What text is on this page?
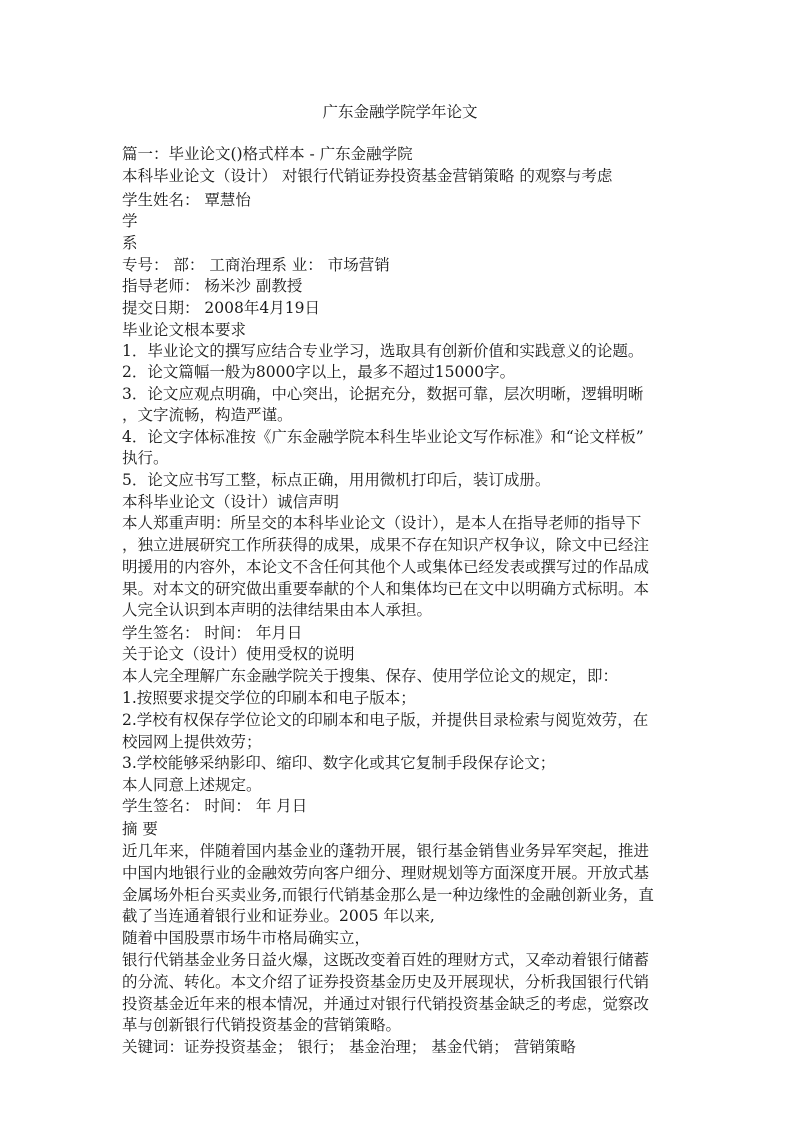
广东金融学院学年论文
篇一：毕业论文()格式样本 - 广东金融学院
本科毕业论文（设计） 对银行代销证券投资基金营销策略 的观察与考虑
学生姓名： 覃慧怡
学
系
专号： 部： 工商治理系 业： 市场营销
指导老师： 杨米沙 副教授
提交日期： 2008年4月19日
毕业论文根本要求
1．毕业论文的撰写应结合专业学习，选取具有创新价值和实践意义的论题。
2．论文篇幅一般为8000字以上，最多不超过15000字。
3．论文应观点明确，中心突出，论据充分，数据可靠，层次明晰，逻辑明晰
，文字流畅，构造严谨。
4．论文字体标准按《广东金融学院本科生毕业论文写作标准》和“论文样板”
执行。
5．论文应书写工整，标点正确，用用微机打印后，装订成册。
本科毕业论文（设计）诚信声明
本人郑重声明：所呈交的本科毕业论文（设计），是本人在指导老师的指导下
，独立进展研究工作所获得的成果，成果不存在知识产权争议，除文中已经注
明援用的内容外，本论文不含任何其他个人或集体已经发表或撰写过的作品成
果。对本文的研究做出重要奉献的个人和集体均已在文中以明确方式标明。本
人完全认识到本声明的法律结果由本人承担。
学生签名： 时间： 年月日
关于论文（设计）使用受权的说明
本人完全理解广东金融学院关于搜集、保存、使用学位论文的规定，即：
1.按照要求提交学位的印刷本和电子版本；
2.学校有权保存学位论文的印刷本和电子版，并提供目录检索与阅览效劳，在
校园网上提供效劳；
3.学校能够采纳影印、缩印、数字化或其它复制手段保存论文；
本人同意上述规定。
学生签名： 时间： 年 月日
摘 要
近几年来，伴随着国内基金业的蓬勃开展，银行基金销售业务异军突起，推进
中国内地银行业的金融效劳向客户细分、理财规划等方面深度开展。开放式基
金属场外柜台买卖业务,而银行代销基金那么是一种边缘性的金融创新业务，直
截了当连通着银行业和证券业。2005 年以来,
随着中国股票市场牛市格局确实立，
银行代销基金业务日益火爆，这既改变着百姓的理财方式，又牵动着银行储蓄
的分流、转化。本文介绍了证券投资基金历史及开展现状，分析我国银行代销
投资基金近年来的根本情况，并通过对银行代销投资基金缺乏的考虑，觉察改
革与创新银行代销投资基金的营销策略。
关键词：证券投资基金； 银行； 基金治理； 基金代销； 营销策略
